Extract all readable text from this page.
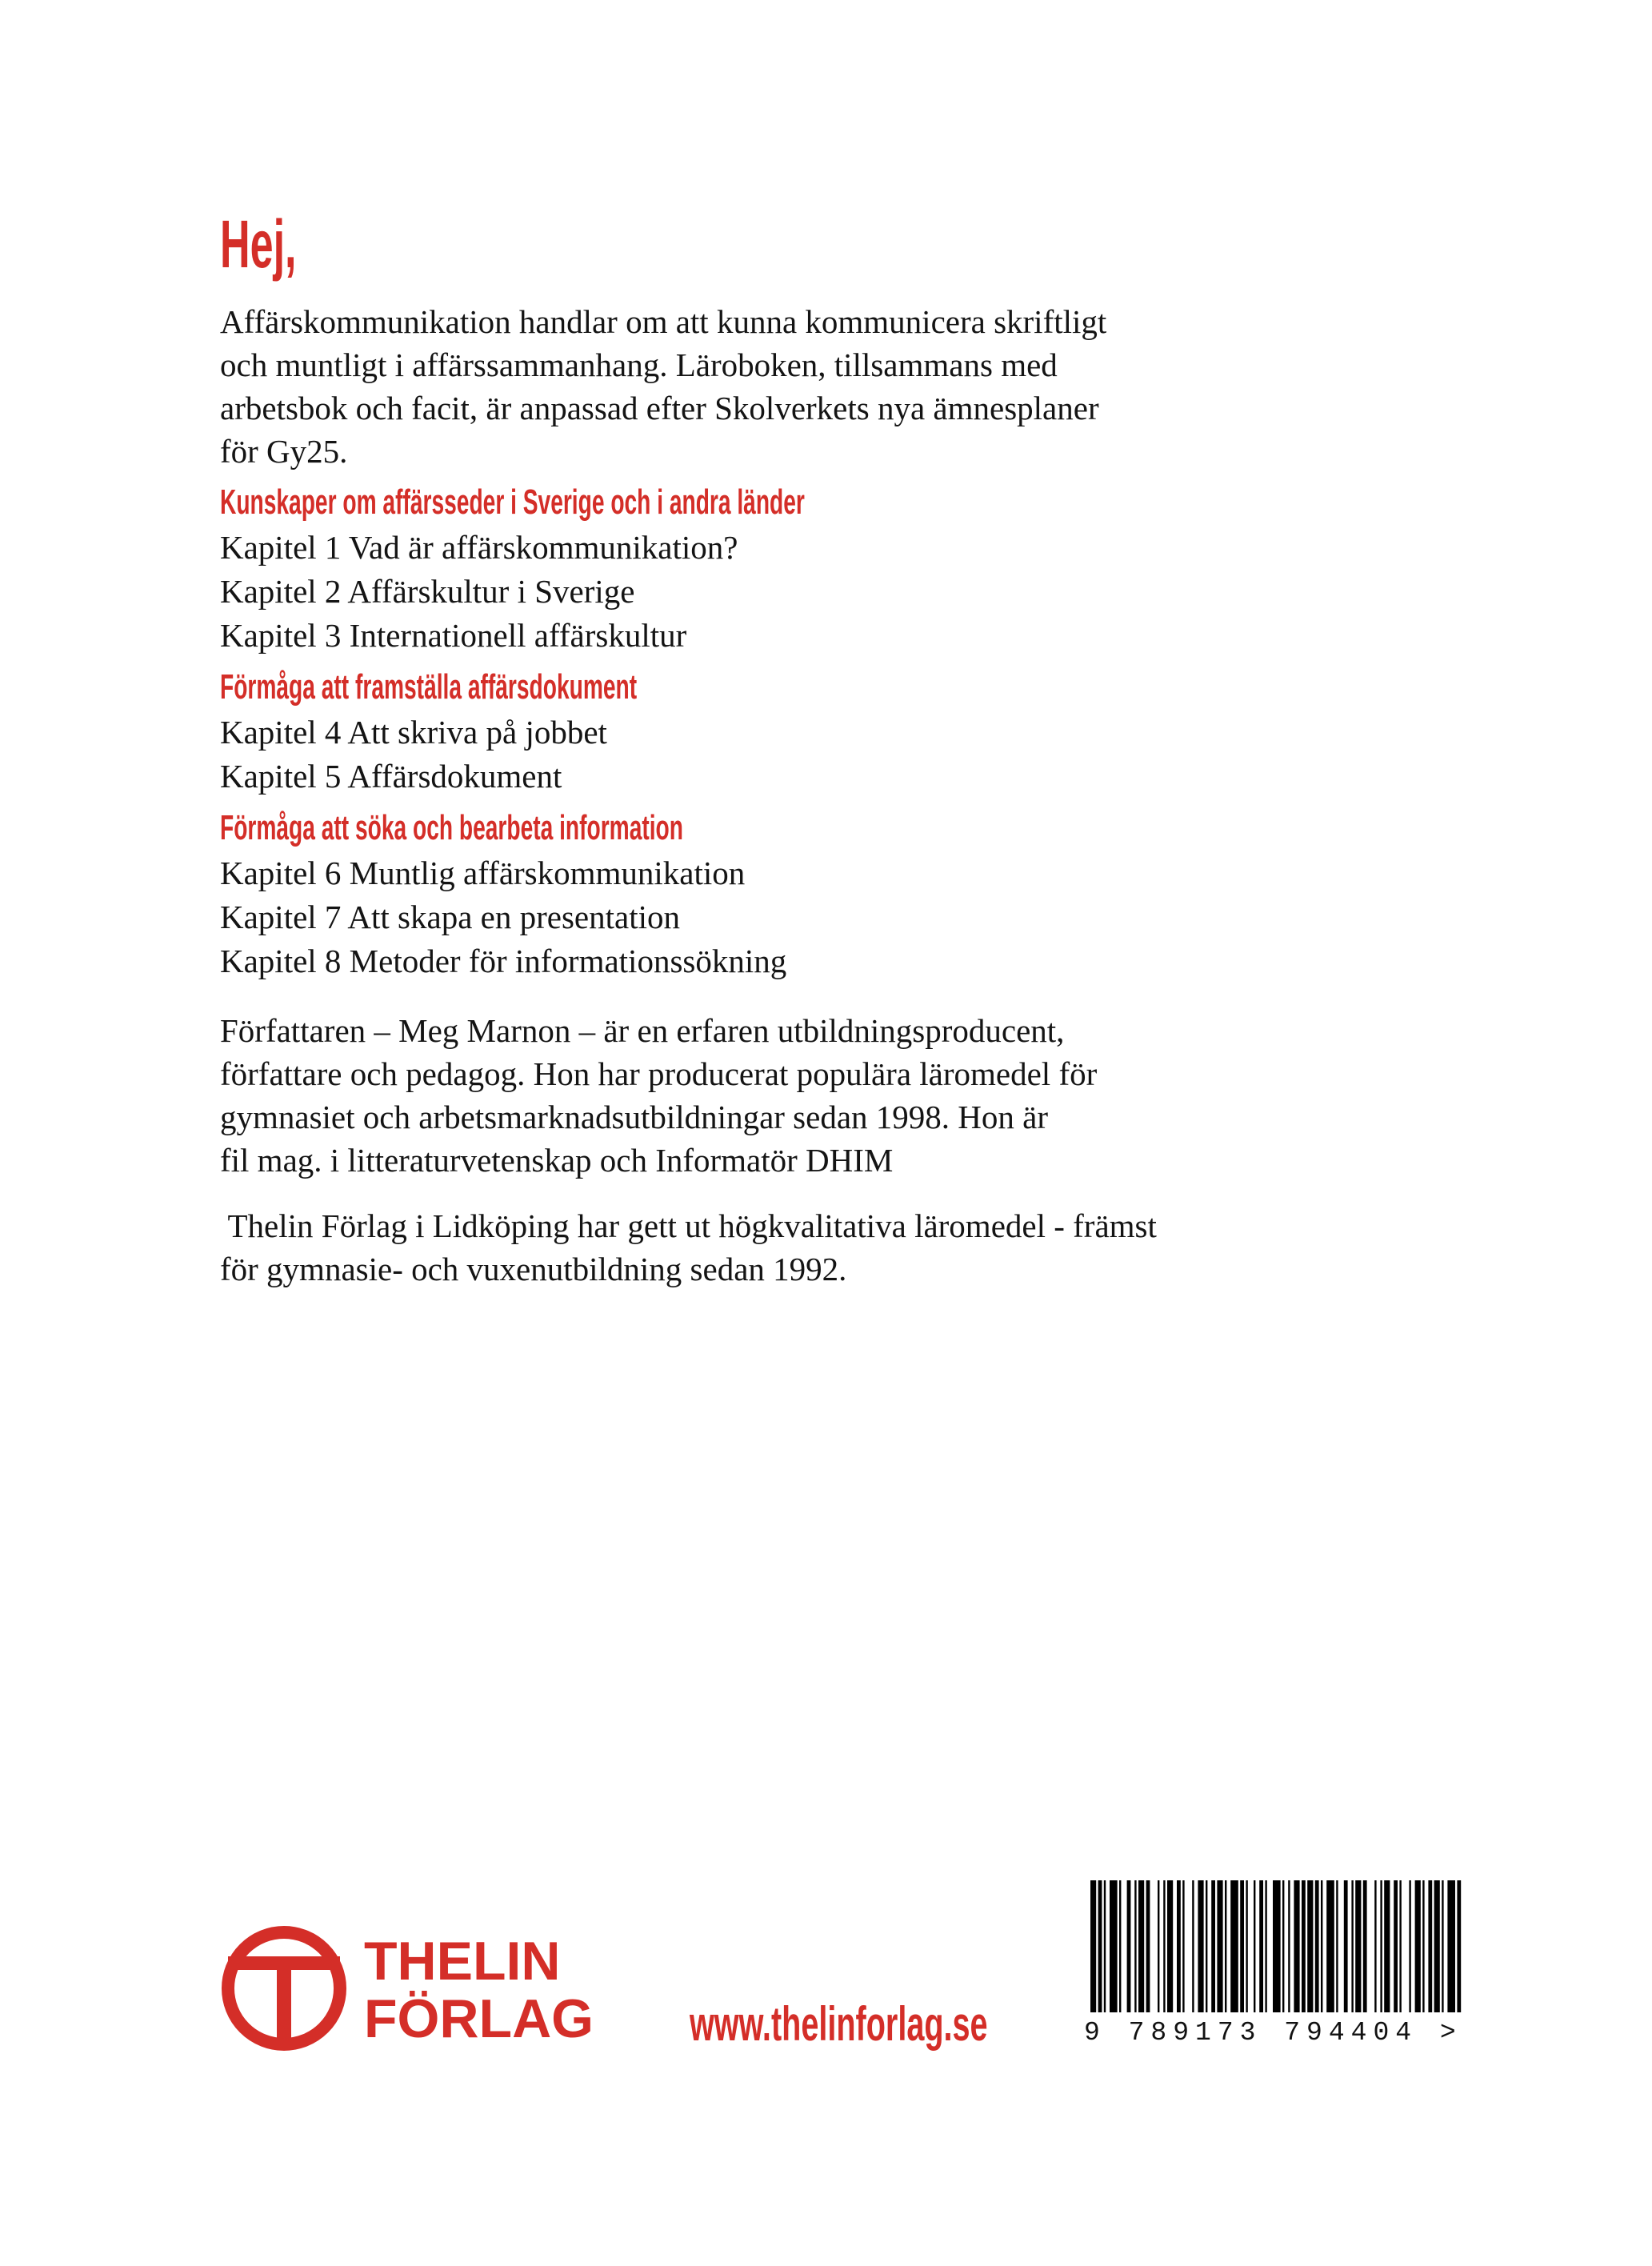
Hej,

Affärskommunikation handlar om att kunna kommunicera skriftligt

och muntligt i affärssammanhang. Läroboken, tillsammans med

arbetsbok och facit, är anpassad efter Skolverkets nya ämnesplaner

för Gy25.

Kunskaper om affärsseder i Sverige och i andra länder

Kapitel 1 Vad är affärskommunikation?

Kapitel 2 Affärskultur i Sverige

Kapitel 3 Internationell affärskultur

Förmåga att framställa affärsdokument

Kapitel 4 Att skriva på jobbet

Kapitel 5 Affärsdokument

Förmåga att söka och bearbeta information

Kapitel 6 Muntlig affärskommunikation

Kapitel 7 Att skapa en presentation

Kapitel 8 Metoder för informationssökning

Författaren – Meg Marnon – är en erfaren utbildningsproducent,

författare och pedagog. Hon har producerat populära läromedel för

gymnasiet och arbetsmarknadsutbildningar sedan 1998. Hon är

fil mag. i litteraturvetenskap och Informatör DHIM

Thelin Förlag i Lidköping har gett ut högkvalitativa läromedel - främst

för gymnasie- och vuxenutbildning sedan 1992.

THELIN
FÖRLAG www.thelinforlag.se	9 789173 794404 >
